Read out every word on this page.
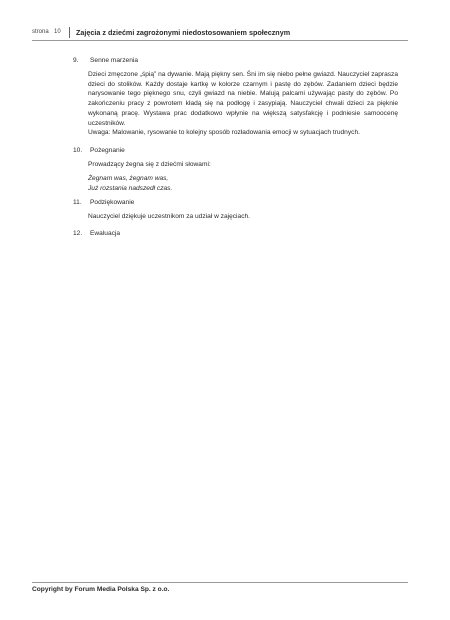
strona 10 Zajęcia z dziećmi zagrożonymi niedostosowaniem społecznym
9. Senne marzenia
Dzieci zmęczone „śpią” na dywanie. Mają piękny sen. Śni im się niebo pełne gwiazd. Nauczyciel zaprasza dzieci do stolików. Każdy dostaje kartkę w kolorze czarnym i pastę do zębów. Zadaniem dzieci będzie narysowanie tego pięknego snu, czyli gwiazd na niebie. Malują palcami używając pasty do zębów. Po zakończeniu pracy z powrotem kładą się na podłogę i zasypiają. Nauczyciel chwali dzieci za pięknie wykonaną pracę. Wystawa prac dodatkowo wpłynie na większą satysfakcję i podniesie samoocenę uczestników.
Uwaga: Malowanie, rysowanie to kolejny sposób rozładowania emocji w sytuacjach trudnych.
10. Pożegnanie
Prowadzący żegna się z dziećmi słowami:
Żegnam was, żegnam was,
Już rozstania nadszedł czas.
11. Podziękowanie
Nauczyciel dziękuje uczestnikom za udział w zajęciach.
12. Ewaluacja
Copyright by Forum Media Polska Sp. z o.o.
